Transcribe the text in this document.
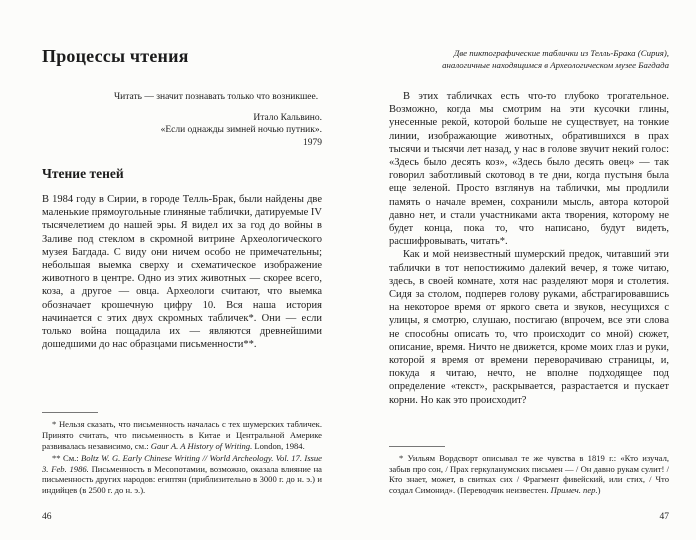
Процессы чтения

Читать — значит познавать только что возникшее.

Итало Кальвино.

«Если однажды зимней ночью путник».

1979

Чтение теней

В 1984 году в Сирии, в городе Телль-Брак, были найдены две маленькие прямоугольные глиняные таблички, датируемые IV тысячелетием до нашей эры. Я видел их за год до войны в Заливе под стеклом в скромной витрине Археологического музея Багдада. С виду они ничем особо не примечательны; небольшая выемка сверху и схематическое изображение животного в центре. Одно из этих животных — скорее всего, коза, а другое — овца. Археологи считают, что выемка обозначает крошечную цифру 10. Вся наша история начинается с этих двух скромных табличек*. Они — если только война пощадила их — являются древнейшими дошедшими до нас образцами письменности**.

* Нельзя сказать, что письменность началась с тех шумерских табличек. Принято считать, что письменность в Китае и Центральной Америке развивалась независимо, см.: Gaur A. A History of Writing. London, 1984.

** См.: Boltz W. G. Early Chinese Writing // World Archeology. Vol. 17. Issue 3. Feb. 1986. Письменность в Месопотамии, возможно, оказала влияние на письменность других народов: египтян (приблизительно в 3000 г. до н. э.) и индийцев (в 2500 г. до н. э.).

46

Две пиктографические таблички из Телль-Брака (Сирия),
аналогичные находящимся в Археологическом музее Багдада

В этих табличках есть что-то глубоко трогательное. Возможно, когда мы смотрим на эти кусочки глины, унесенные рекой, которой больше не существует, на тонкие линии, изображающие животных, обратившихся в прах тысячи и тысячи лет назад, у нас в голове звучит некий голос: «Здесь было десять коз», «Здесь было десять овец» — так говорил заботливый скотовод в те дни, когда пустыня была еще зеленой. Просто взглянув на таблички, мы продлили память о начале времен, сохранили мысль, автора которой давно нет, и стали участниками акта творения, которому не будет конца, пока то, что написано, будут видеть, расшифровывать, читать*.

Как и мой неизвестный шумерский предок, читавший эти таблички в тот непостижимо далекий вечер, я тоже читаю, здесь, в своей комнате, хотя нас разделяют моря и столетия. Сидя за столом, подперев голову руками, абстрагировавшись на некоторое время от яркого света и звуков, несущихся с улицы, я смотрю, слушаю, постигаю (впрочем, все эти слова не способны описать то, что происходит со мной) сюжет, описание, время. Ничто не движется, кроме моих глаз и руки, которой я время от времени переворачиваю страницы, и, покуда я читаю, нечто, не вполне подходящее под определение «текст», раскрывается, разрастается и пускает корни. Но как это происходит?

* Уильям Вордсворт описывал те же чувства в 1819 г.: «Кто изучал, забыв про сон, / Прах геркуланумских письмен — / Он давно рукам сулит! / Кто знает, может, в свитках сих / Фрагмент фивейский, или стих, / Что создал Симонид». (Переводчик неизвестен. Примеч. пер.)

47
